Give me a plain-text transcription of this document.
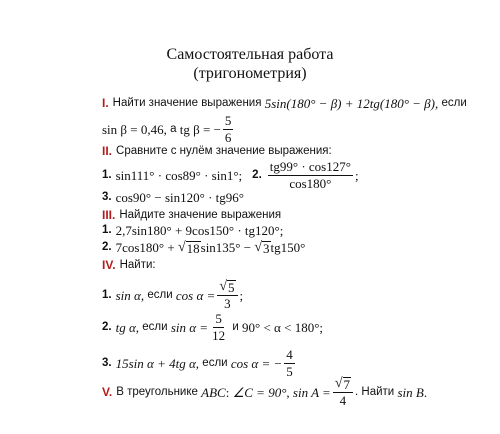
Самостоятельная работа
(тригонометрия)
I. Найти значение выражения
5sin(180° − β) + 12tg(180° − β),
если
sin β = 0,46,
а
tg β = − $\frac{5}{6}$
II. Сравните с нулём значение выражения:
1. sin111° · cos89° · sin1°; 2. $\frac{tg99^\circ \cdot \cos 127^\circ}{\cos 180^\circ}$ ;
3. cos90° − sin120° · tg96°
III. Найдите значение выражения
1. 2,7sin180° + 9cos150° · tg120°;
2. 7cos180° +
√ 18 sin135° −
√ 3 tg150°
IV. Найти:
1. sin α,
если
$\cos \alpha = \frac{√ 5}{3}$ ;
2. tg α,
если
$\sin \alpha = \frac{5}{12}$
и
90° < α < 180°;
3. 15sin α + 4tg α,
если
cos α = − $\frac{4}{5}$
V. В треугольнике
ABC :
∠C = 90°,
$\sin A = \frac{√ 7}{4}$ . Найти
sin B .
